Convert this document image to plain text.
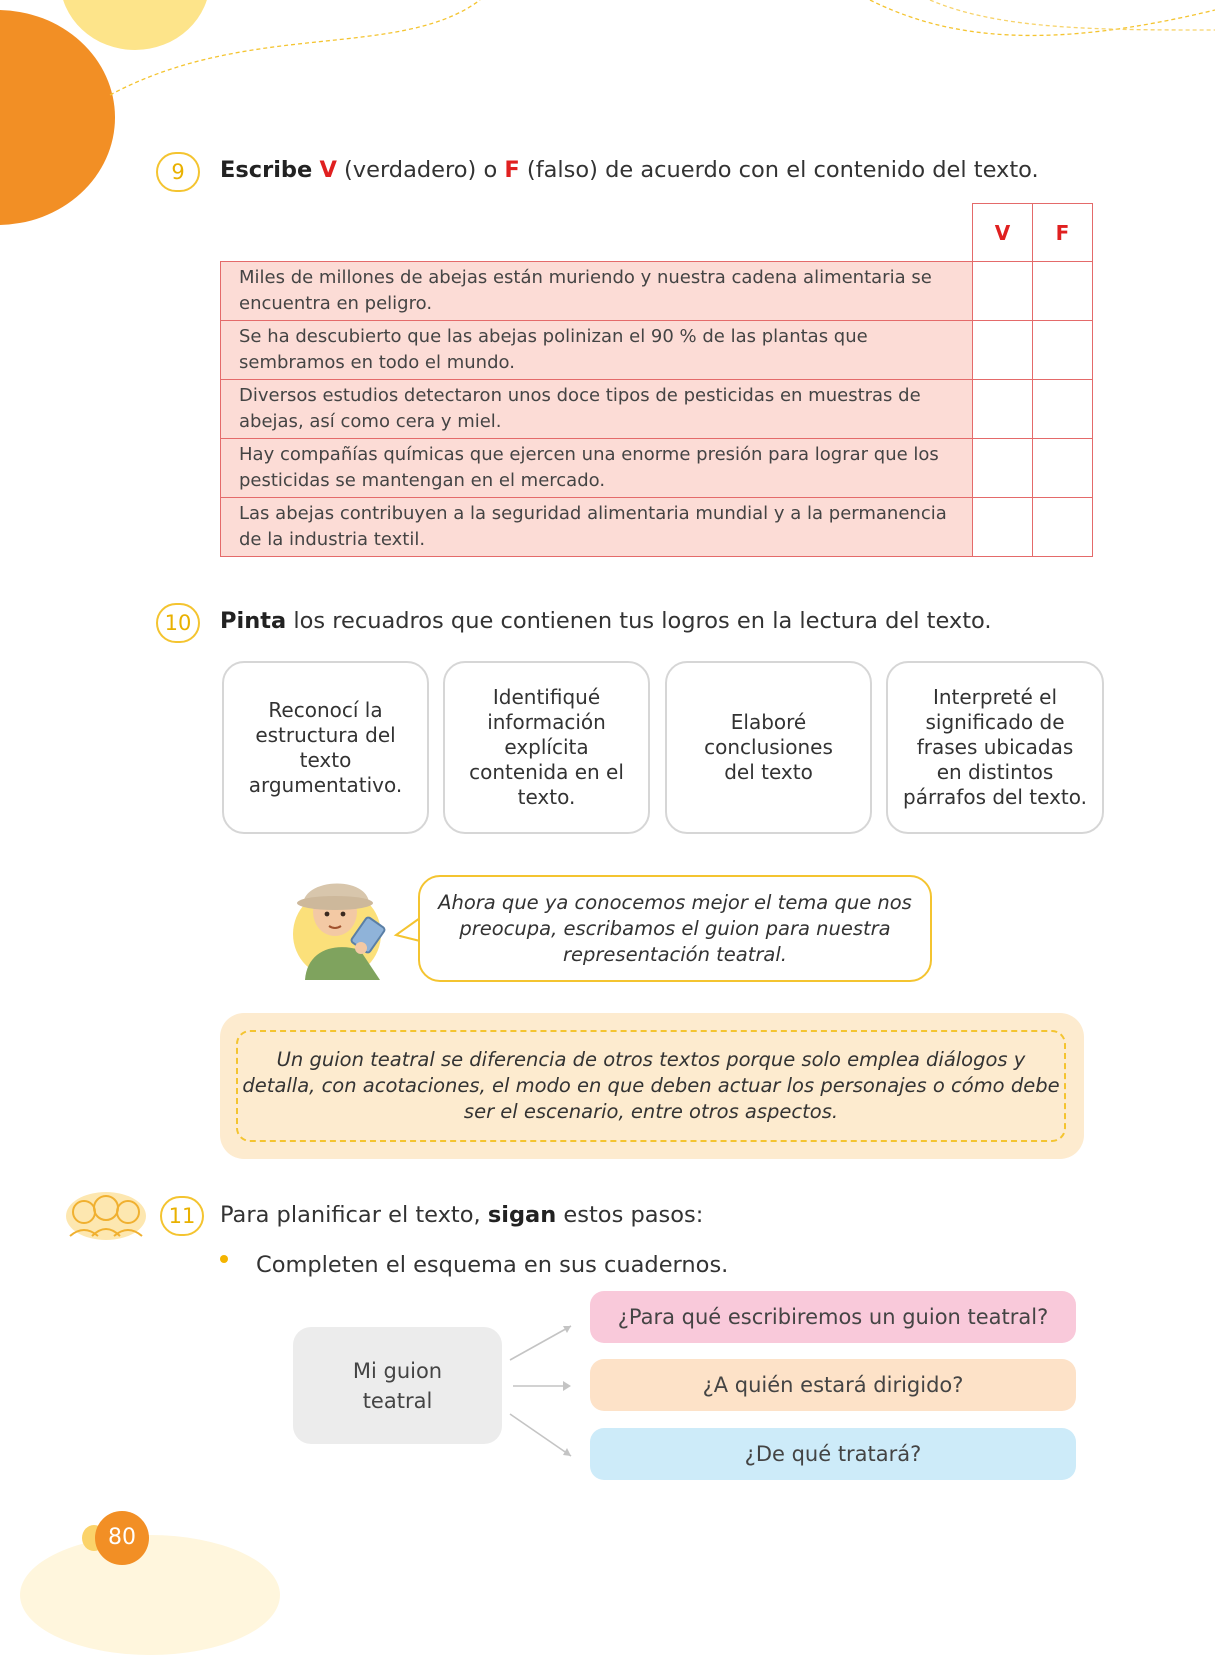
9	Escribe V (verdadero) o F (falso) de acuerdo con el contenido del texto.
	V	F
Miles de millones de abejas están muriendo y nuestra cadena alimentaria se encuentra en peligro.		
Se ha descubierto que las abejas polinizan el 90 % de las plantas que sembramos en todo el mundo.		
Diversos estudios detectaron unos doce tipos de pesticidas en muestras de abejas, así como cera y miel.		
Hay compañías químicas que ejercen una enorme presión para lograr que los pesticidas se mantengan en el mercado.		
Las abejas contribuyen a la seguridad alimentaria mundial y a la permanencia de la industria textil.		
10	Pinta los recuadros que contienen tus logros en la lectura del texto.
Reconocí la estructura del texto argumentativo.
Identifiqué información explícita contenida en el texto.
Elaboré conclusiones del texto
Interpreté el significado de frases ubicadas en distintos párrafos del texto.
Ahora que ya conocemos mejor el tema que nos preocupa, escribamos el guion para nuestra representación teatral.
Un guion teatral se diferencia de otros textos porque solo emplea diálogos y detalla, con acotaciones, el modo en que deben actuar los personajes o cómo debe ser el escenario, entre otros aspectos.
11	Para planificar el texto, sigan estos pasos:
Completen el esquema en sus cuadernos.
Mi guion teatral
¿Para qué escribiremos un guion teatral?
¿A quién estará dirigido?
¿De qué tratará?
80
